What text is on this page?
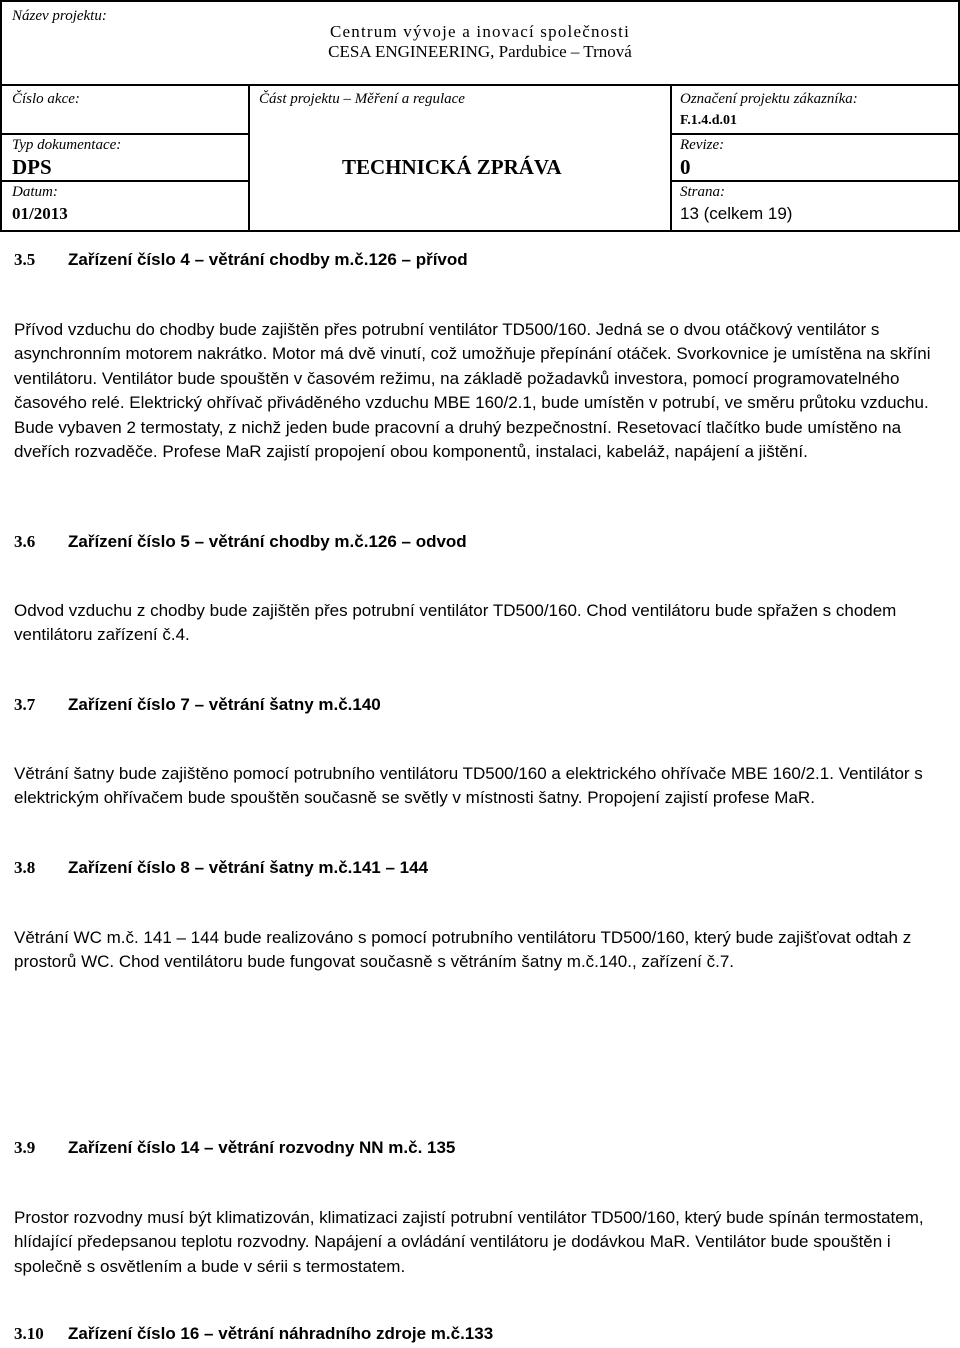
Název projektu:
Centrum vývoje a inovací společnosti
CESA ENGINEERING, Pardubice – Trnová
Číslo akce:	Část projektu – Měření a regulace	Označení projektu zákazníka:
F.1.4.d.01
Typ dokumentace:
DPS	TECHNICKÁ ZPRÁVA
Revize:
0
Datum:
01/2013
Strana:
13 (celkem 19)
3.5 Zařízení číslo 4 – větrání chodby m.č.126 – přívod
Přívod vzduchu do chodby bude zajištěn přes potrubní ventilátor TD500/160. Jedná se o dvou otáčkový ventilátor s asynchronním motorem nakrátko. Motor má dvě vinutí, což umožňuje přepínání otáček. Svorkovnice je umístěna na skříni ventilátoru. Ventilátor bude spouštěn v časovém režimu, na základě požadavků investora, pomocí programovatelného časového relé. Elektrický ohřívač přiváděného vzduchu MBE 160/2.1, bude umístěn v potrubí, ve směru průtoku vzduchu. Bude vybaven 2 termostaty, z nichž jeden bude pracovní a druhý bezpečnostní. Resetovací tlačítko bude umístěno na dveřích rozvaděče. Profese MaR zajistí propojení obou komponentů, instalaci, kabeláž, napájení a jištění.
3.6 Zařízení číslo 5 – větrání chodby m.č.126 – odvod
Odvod vzduchu z chodby bude zajištěn přes potrubní ventilátor TD500/160. Chod ventilátoru bude spřažen s chodem ventilátoru zařízení č.4.
3.7 Zařízení číslo 7 – větrání šatny m.č.140
Větrání šatny bude zajištěno pomocí potrubního ventilátoru TD500/160 a elektrického ohřívače MBE 160/2.1. Ventilátor s elektrickým ohřívačem bude spouštěn současně se světly v místnosti šatny. Propojení zajistí profese MaR.
3.8 Zařízení číslo 8 – větrání šatny m.č.141 – 144
Větrání WC m.č. 141 – 144 bude realizováno s pomocí potrubního ventilátoru TD500/160, který bude zajišťovat odtah z prostorů WC. Chod ventilátoru bude fungovat současně s větráním šatny m.č.140., zařízení č.7.
3.9 Zařízení číslo 14 – větrání rozvodny NN m.č. 135
Prostor rozvodny musí být klimatizován, klimatizaci zajistí potrubní ventilátor TD500/160, který bude spínán termostatem, hlídající předepsanou teplotu rozvodny. Napájení a ovládání ventilátoru je dodávkou MaR. Ventilátor bude spouštěn i společně s osvětlením a bude v sérii s termostatem.
3.10 Zařízení číslo 16 – větrání náhradního zdroje m.č.133
